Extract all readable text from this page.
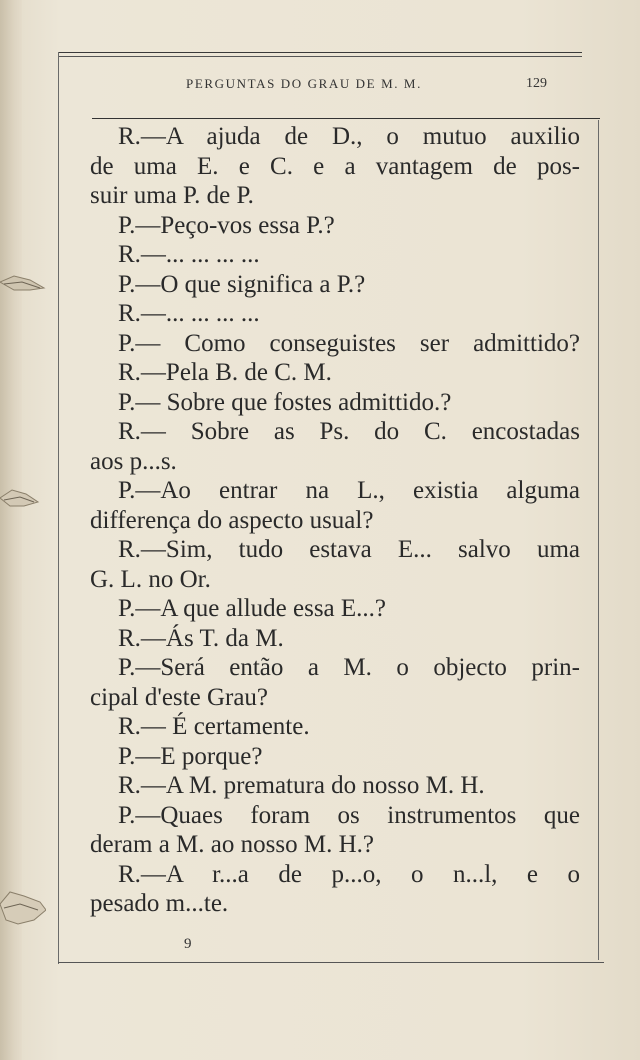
PERGUNTAS DO GRAU DE M. M.	129
R.—A ajuda de D., o mutuo auxilio
de uma E. e C. e a vantagem de pos-
suir uma P. de P.
P.—Peço-vos essa P.?
R.—... ... ... ...
P.—O que significa a P.?
R.—... ... ... ...
P.— Como conseguistes ser admittido?
R.—Pela B. de C. M.
P.— Sobre que fostes admittido.?
R.— Sobre as Ps. do C. encostadas
aos p...s.
P.—Ao entrar na L., existia alguma
differença do aspecto usual?
R.—Sim, tudo estava E... salvo uma
G. L. no Or.
P.—A que allude essa E...?
R.—Ás T. da M.
P.—Será então a M. o objecto prin-
cipal d'este Grau?
R.— É certamente.
P.—E porque?
R.—A M. prematura do nosso M. H.
P.—Quaes foram os instrumentos que
deram a M. ao nosso M. H.?
R.—A r...a de p...o, o n...l, e o
pesado m...te.
9
